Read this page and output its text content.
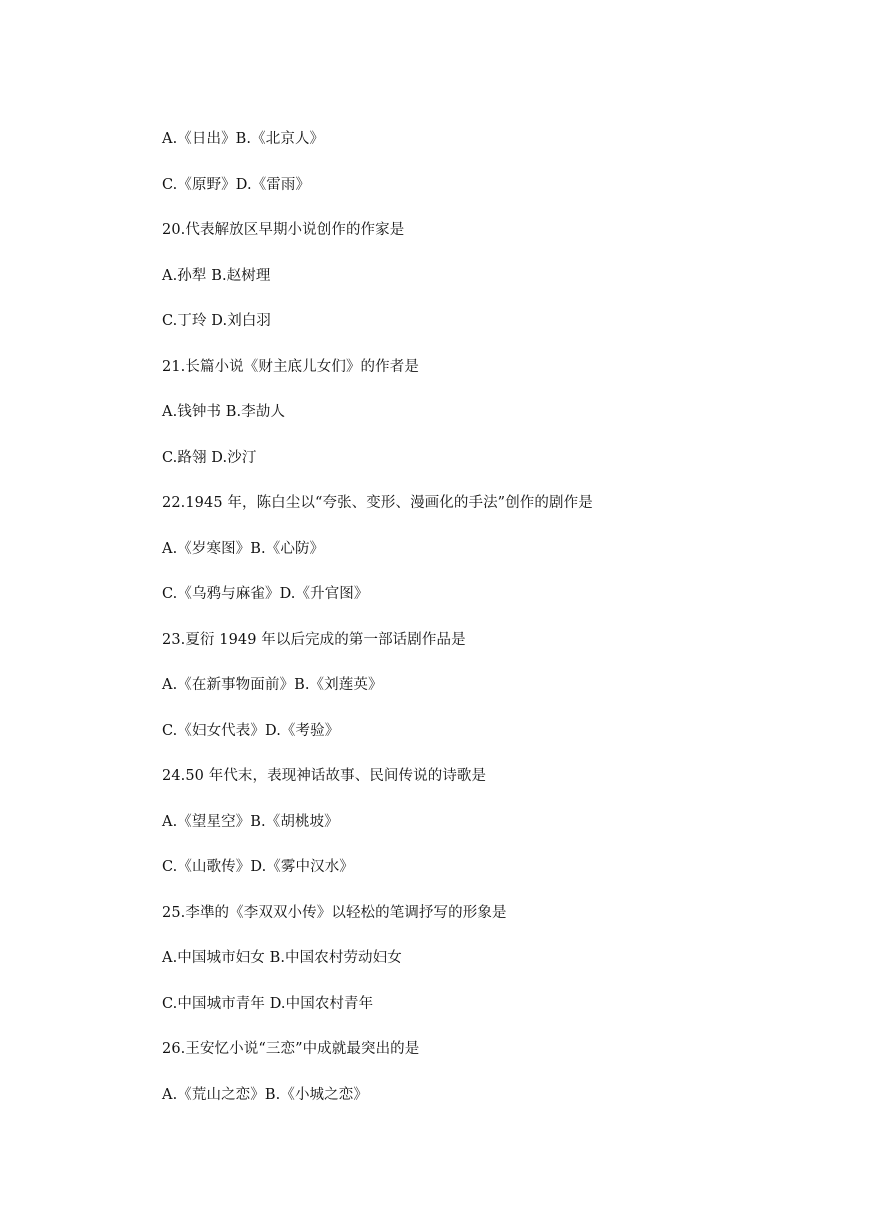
A.《日出》B.《北京人》
C.《原野》D.《雷雨》
20.代表解放区早期小说创作的作家是
A.孙犁 B.赵树理
C.丁玲 D.刘白羽
21.长篇小说《财主底儿女们》的作者是
A.钱钟书 B.李劼人
C.路翎 D.沙汀
22.1945 年，陈白尘以“夸张、变形、漫画化的手法”创作的剧作是
A.《岁寒图》B.《心防》
C.《乌鸦与麻雀》D.《升官图》
23.夏衍 1949 年以后完成的第一部话剧作品是
A.《在新事物面前》B.《刘莲英》
C.《妇女代表》D.《考验》
24.50 年代末，表现神话故事、民间传说的诗歌是
A.《望星空》B.《胡桃坡》
C.《山歌传》D.《雾中汉水》
25.李凖的《李双双小传》以轻松的笔调抒写的形象是
A.中国城市妇女 B.中国农村劳动妇女
C.中国城市青年 D.中国农村青年
26.王安忆小说“三恋”中成就最突出的是
A.《荒山之恋》B.《小城之恋》
